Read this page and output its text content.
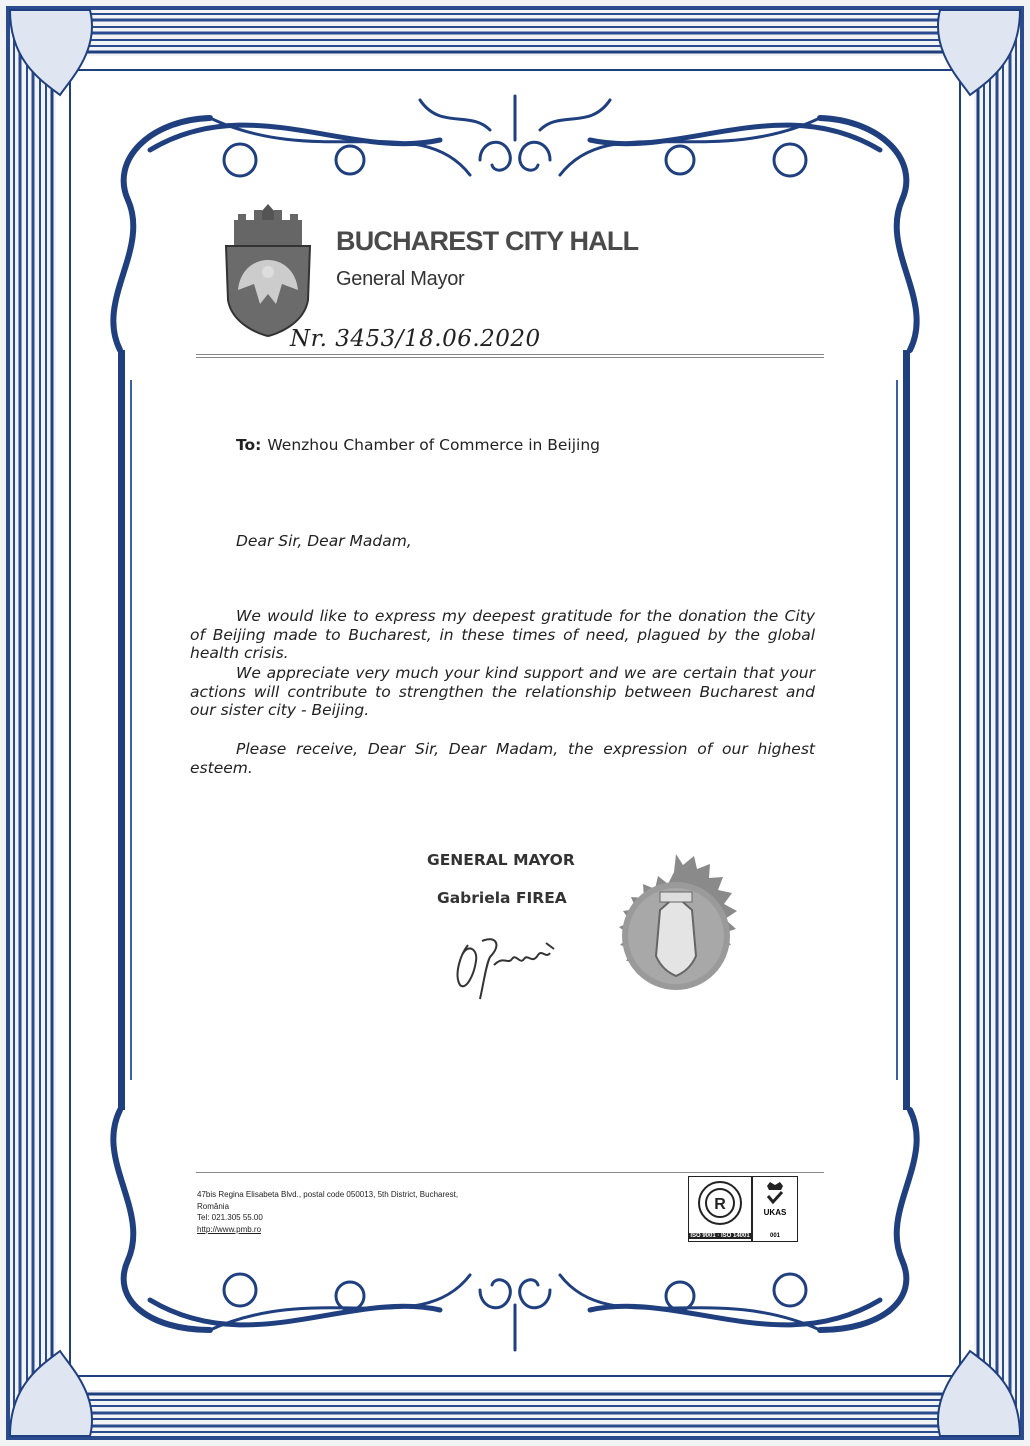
BUCHAREST CITY HALL
General Mayor
Nr. 3453/18.06.2020
To: Wenzhou Chamber of Commerce in Beijing
Dear Sir, Dear Madam,
We would like to express my deepest gratitude for the donation the City of Beijing made to Bucharest, in these times of need, plagued by the global health crisis.
We appreciate very much your kind support and we are certain that your actions will contribute to strengthen the relationship between Bucharest and our sister city - Beijing.
Please receive, Dear Sir, Dear Madam, the expression of our highest esteem.
GENERAL MAYOR
Gabriela FIREA
47bis Regina Elisabeta Blvd., postal code 050013, 5th District, Bucharest,
România
Tel: 021.305 55.00
http://www.pmb.ro
R
ISO 9001 · ISO 14001
UKAS
001
